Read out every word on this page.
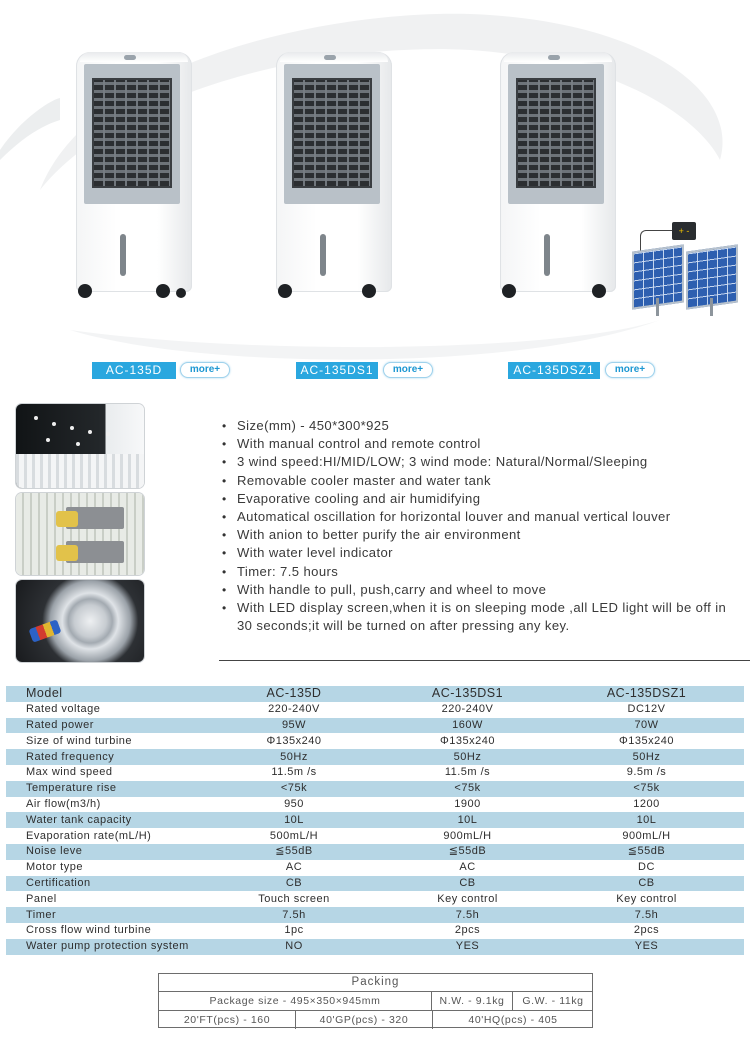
+ -
AC-135D	more+	AC-135DS1	more+	AC-135DSZ1	more+
• Size(mm) - 450*300*925
• With manual control and remote control
• 3 wind speed:HI/MID/LOW; 3 wind mode: Natural/Normal/Sleeping
• Removable cooler master and water tank
• Evaporative cooling and air humidifying
• Automatical oscillation for horizontal louver and manual vertical louver
• With anion to better purify the air environment
• With water level indicator
• Timer: 7.5 hours
• With handle to pull, push,carry and wheel to move
• With LED display screen,when it is on sleeping mode ,all LED light will be off in 30 seconds;it will be turned on after pressing any key.
Model	AC-135D	AC-135DS1	AC-135DSZ1
Rated voltage	220-240V	220-240V	DC12V
Rated power	95W	160W	70W
Size of wind turbine	Φ135x240	Φ135x240	Φ135x240
Rated frequency	50Hz	50Hz	50Hz
Max wind speed	11.5m /s	11.5m /s	9.5m /s
Temperature rise	<75k	<75k	<75k
Air flow(m3/h)	950	1900	1200
Water tank capacity	10L	10L	10L
Evaporation rate(mL/H)	500mL/H	900mL/H	900mL/H
Noise leve	≦55dB	≦55dB	≦55dB
Motor type	AC	AC	DC
Certification	CB	CB	CB
Panel	Touch screen	Key control	Key control
Timer	7.5h	7.5h	7.5h
Cross flow wind turbine	1pc	2pcs	2pcs
Water pump protection system	NO	YES	YES
Packing
Package size - 495×350×945mm	N.W. - 9.1kg	G.W. - 11kg
20'FT(pcs) - 160	40'GP(pcs) - 320	40'HQ(pcs) - 405
